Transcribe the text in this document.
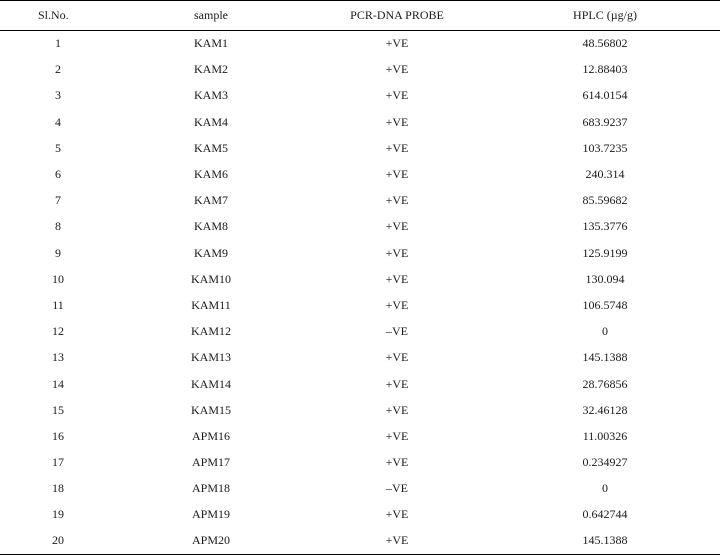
Sl.No.	sample	PCR-DNA PROBE	HPLC (µg/g)
1	KAM1	+VE	48.56802
2	KAM2	+VE	12.88403
3	KAM3	+VE	614.0154
4	KAM4	+VE	683.9237
5	KAM5	+VE	103.7235
6	KAM6	+VE	240.314
7	KAM7	+VE	85.59682
8	KAM8	+VE	135.3776
9	KAM9	+VE	125.9199
10	KAM10	+VE	130.094
11	KAM11	+VE	106.5748
12	KAM12	–VE	0
13	KAM13	+VE	145.1388
14	KAM14	+VE	28.76856
15	KAM15	+VE	32.46128
16	APM16	+VE	11.00326
17	APM17	+VE	0.234927
18	APM18	–VE	0
19	APM19	+VE	0.642744
20	APM20	+VE	145.1388
